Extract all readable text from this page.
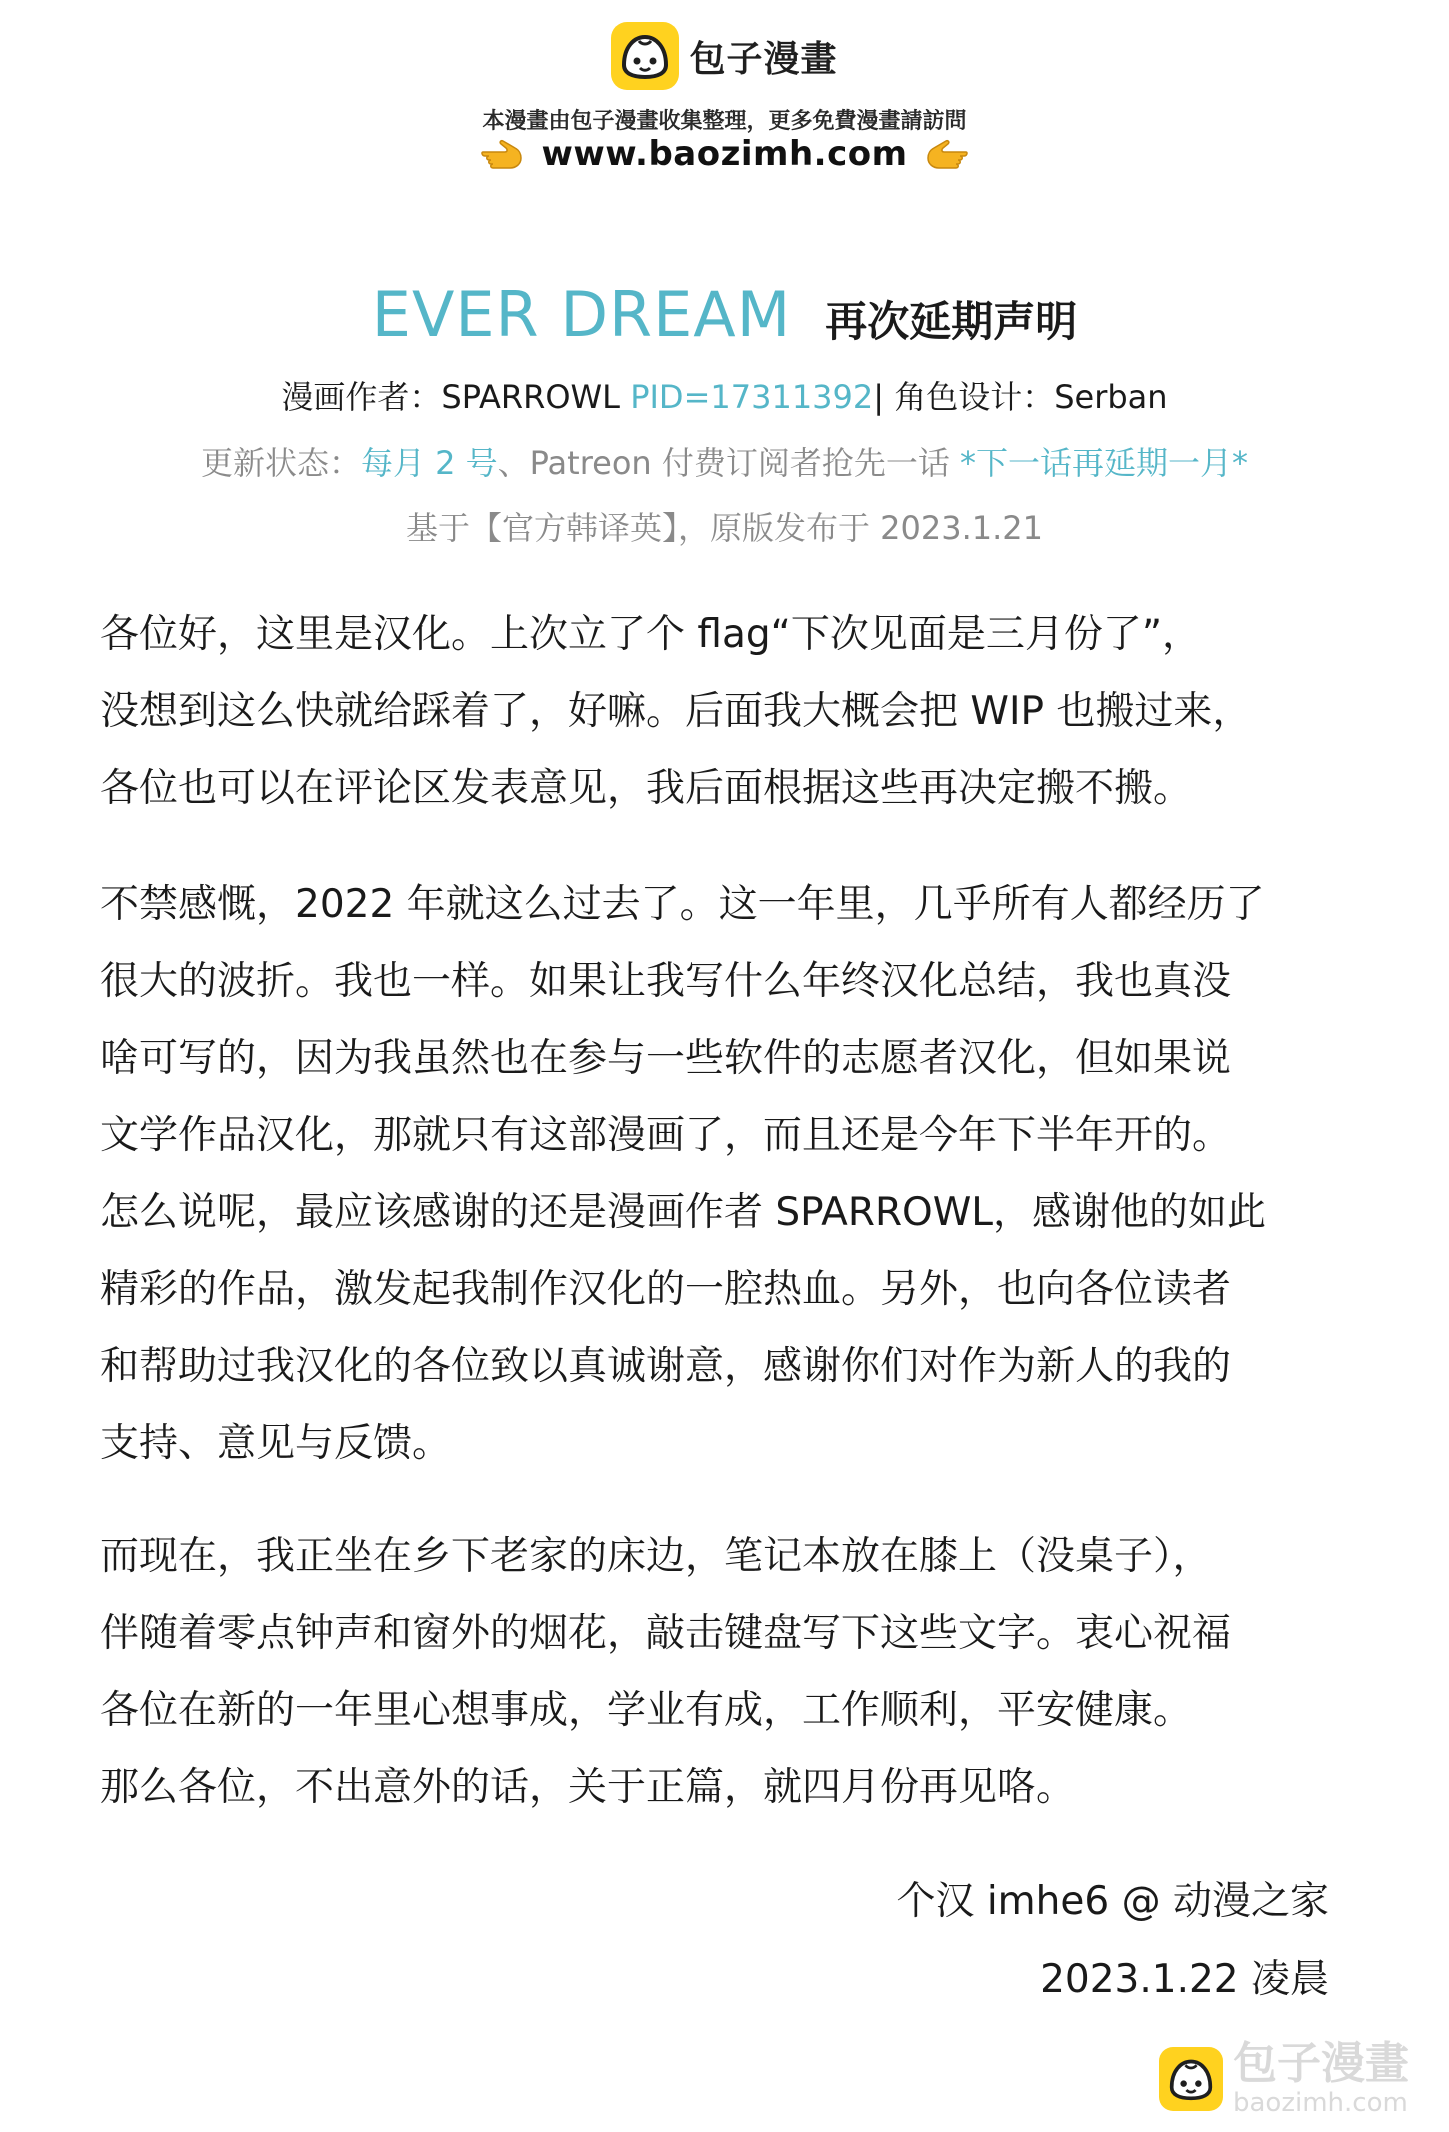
包子漫畫
本漫畫由包子漫畫收集整理，更多免費漫畫請訪問
www.baozimh.com
EVER DREAM 再次延期声明
漫画作者：SPARROWL PID=17311392| 角色设计：Serban
更新状态：每月 2 号、Patreon 付费订阅者抢先一话 *下一话再延期一月*
基于【官方韩译英】，原版发布于 2023.1.21
各位好，这里是汉化。上次立了个 flag“下次见面是三月份了”，
没想到这么快就给踩着了，好嘛。后面我大概会把 WIP 也搬过来，
各位也可以在评论区发表意见，我后面根据这些再决定搬不搬。
不禁感慨，2022 年就这么过去了。这一年里，几乎所有人都经历了
很大的波折。我也一样。如果让我写什么年终汉化总结，我也真没
啥可写的，因为我虽然也在参与一些软件的志愿者汉化，但如果说
文学作品汉化，那就只有这部漫画了，而且还是今年下半年开的。
怎么说呢，最应该感谢的还是漫画作者 SPARROWL，感谢他的如此
精彩的作品，激发起我制作汉化的一腔热血。另外，也向各位读者
和帮助过我汉化的各位致以真诚谢意，感谢你们对作为新人的我的
支持、意见与反馈。
而现在，我正坐在乡下老家的床边，笔记本放在膝上（没桌子），
伴随着零点钟声和窗外的烟花，敲击键盘写下这些文字。衷心祝福
各位在新的一年里心想事成，学业有成，工作顺利，平安健康。
那么各位，不出意外的话，关于正篇，就四月份再见咯。
个汉 imhe6 @ 动漫之家
2023.1.22 凌晨
包子漫畫
baozimh.com
